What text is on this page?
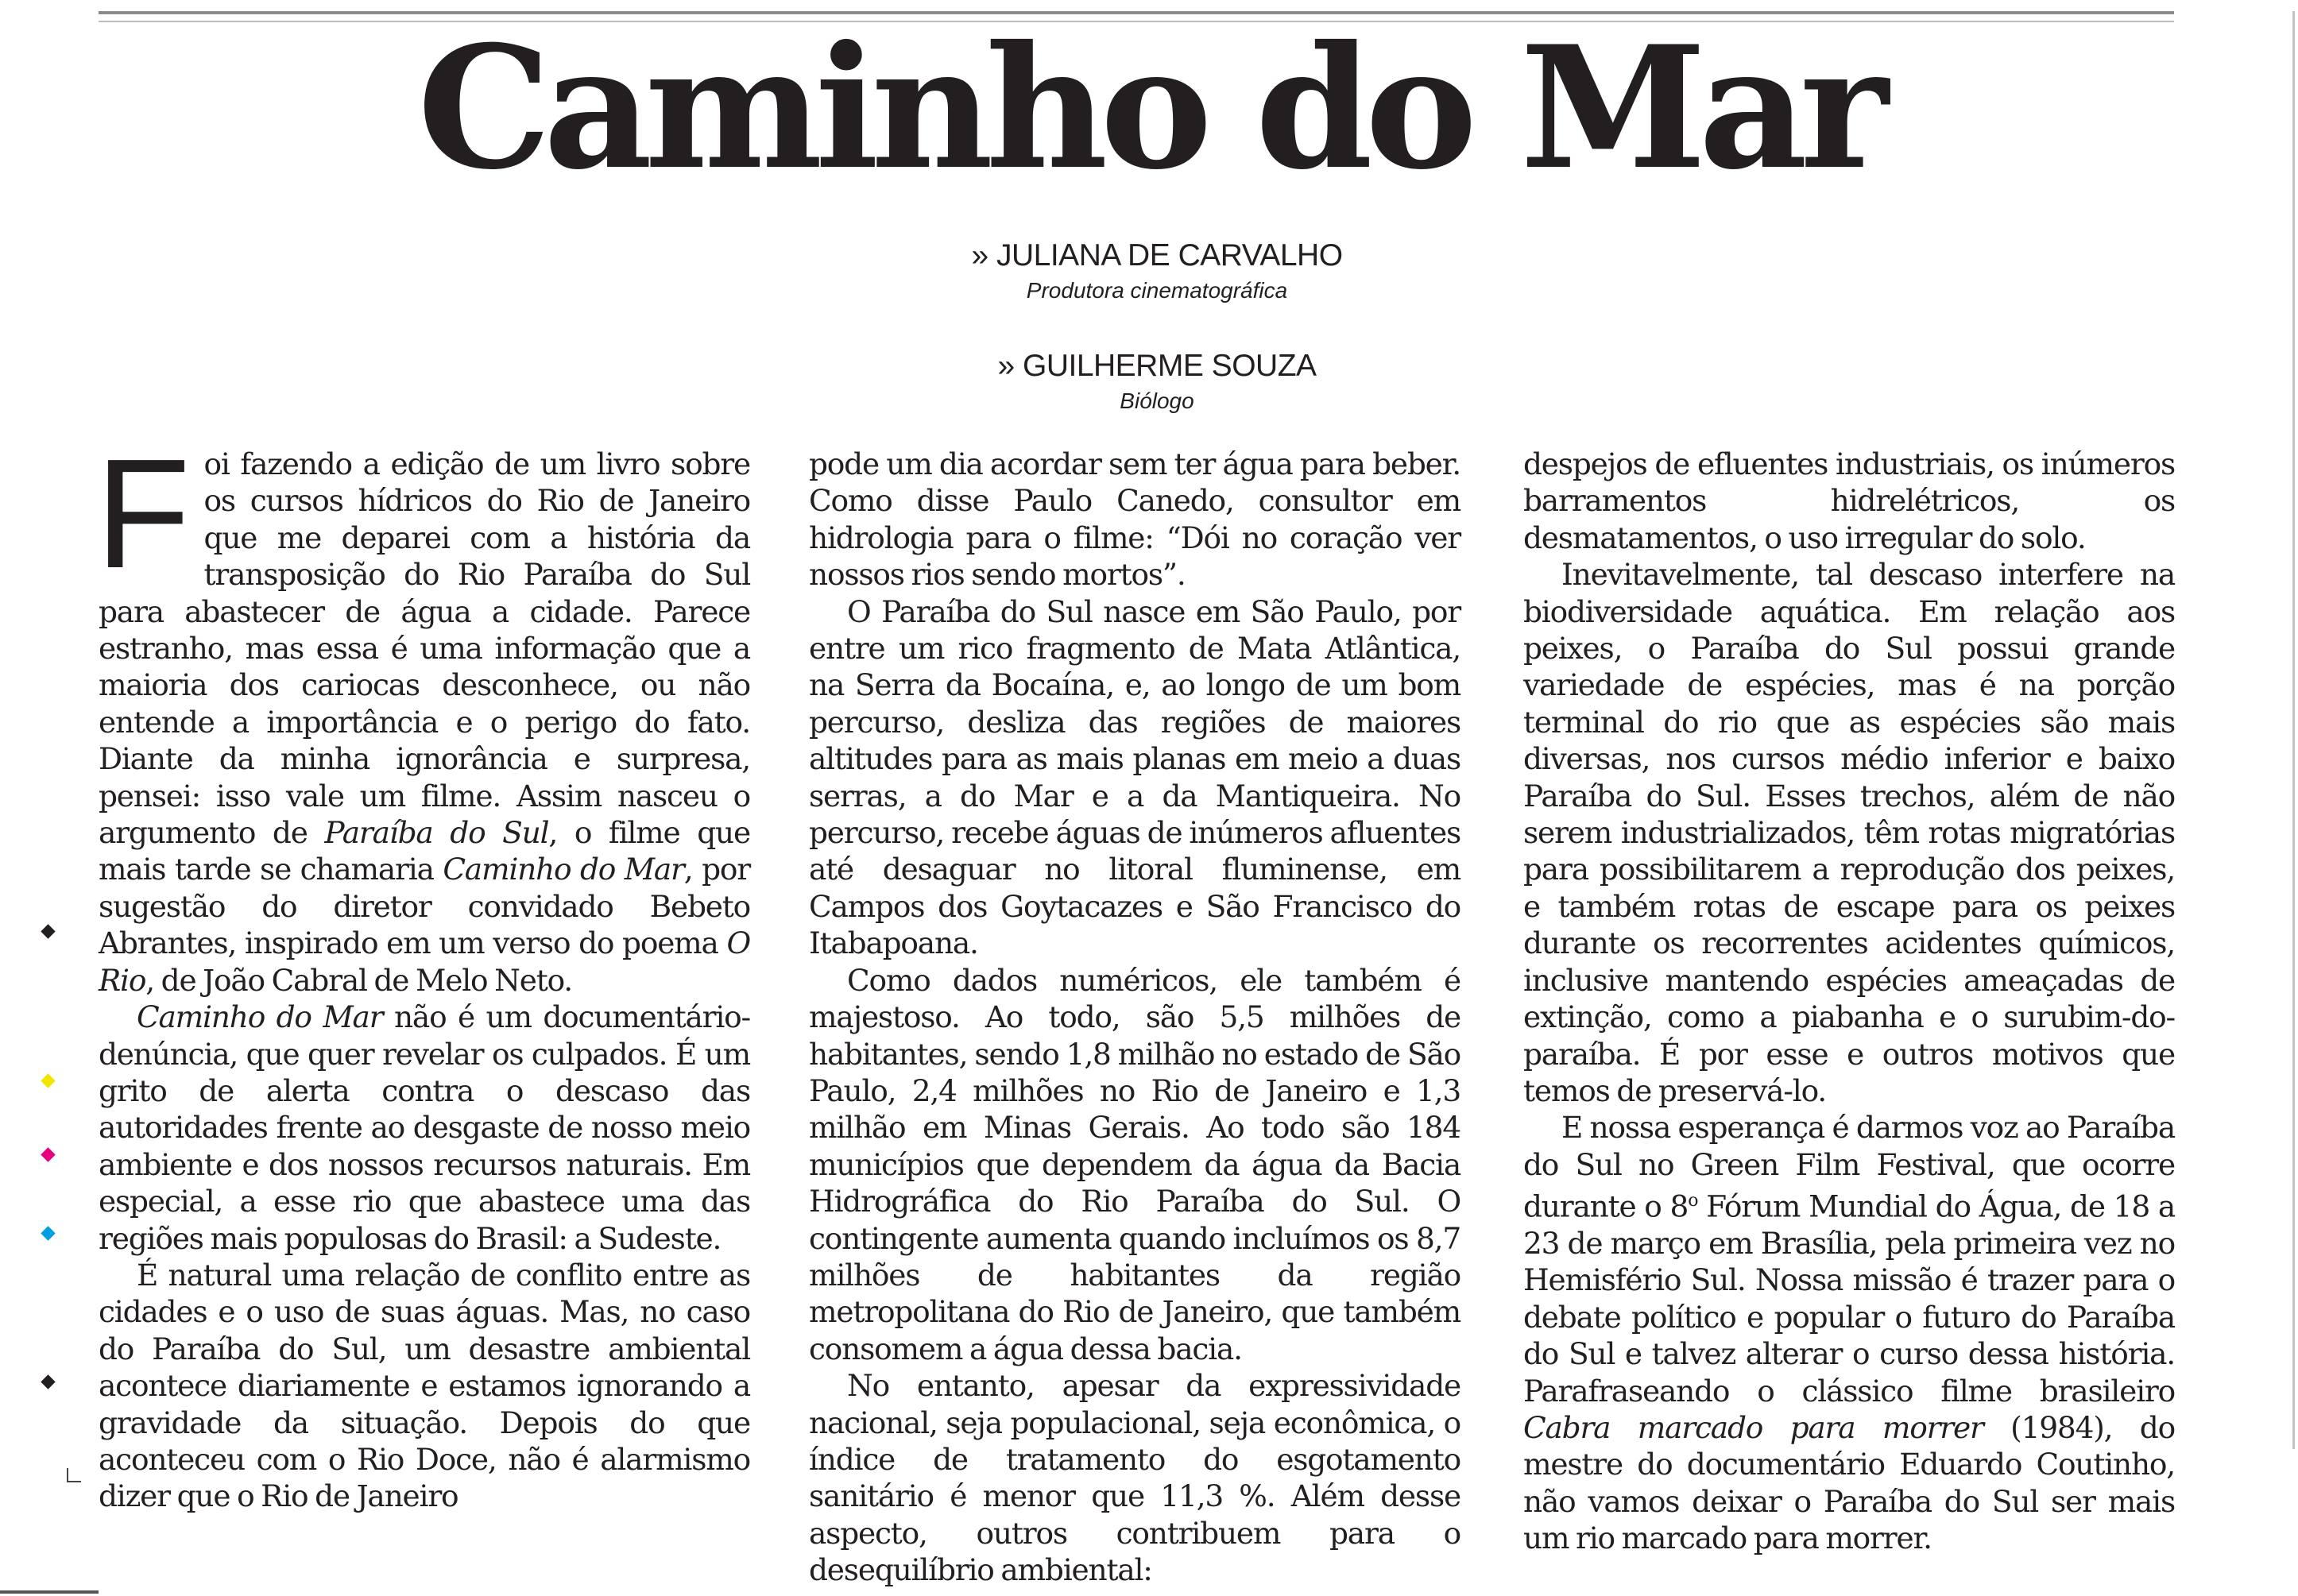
Caminho do Mar
» JULIANA DE CARVALHO
Produtora cinematográfica
» GUILHERME SOUZA
Biólogo

Foi fazendo a edição de um livro sobre os cursos hídricos do Rio de Janeiro que me deparei com a história da transposição do Rio Paraíba do Sul para abastecer de água a cidade. Parece estranho, mas essa é uma informação que a maioria dos cariocas desconhece, ou não entende a importância e o perigo do fato. Diante da minha ignorância e surpresa, pensei: isso vale um filme. Assim nasceu o argumento de Paraíba do Sul, o filme que mais tarde se chamaria Caminho do Mar, por sugestão do diretor convidado Bebeto Abrantes, inspirado em um verso do poema O Rio, de João Cabral de Melo Neto.

Caminho do Mar não é um documentário-denúncia, que quer revelar os culpados. É um grito de alerta contra o descaso das autoridades frente ao desgaste de nosso meio ambiente e dos nossos recursos naturais. Em especial, a esse rio que abastece uma das regiões mais populosas do Brasil: a Sudeste.

É natural uma relação de conflito entre as cidades e o uso de suas águas. Mas, no caso do Paraíba do Sul, um desastre ambiental acontece diariamente e estamos ignorando a gravidade da situação. Depois do que aconteceu com o Rio Doce, não é alarmismo dizer que o Rio de Janeiro

pode um dia acordar sem ter água para beber. Como disse Paulo Canedo, consultor em hidrologia para o filme: “Dói no coração ver nossos rios sendo mortos”.

O Paraíba do Sul nasce em São Paulo, por entre um rico fragmento de Mata Atlântica, na Serra da Bocaína, e, ao longo de um bom percurso, desliza das regiões de maiores altitudes para as mais planas em meio a duas serras, a do Mar e a da Mantiqueira. No percurso, recebe águas de inúmeros afluentes até desaguar no litoral fluminense, em Campos dos Goytacazes e São Francisco do Itabapoana.

Como dados numéricos, ele também é majestoso. Ao todo, são 5,5 milhões de habitantes, sendo 1,8 milhão no estado de São Paulo, 2,4 milhões no Rio de Janeiro e 1,3 milhão em Minas Gerais. Ao todo são 184 municípios que dependem da água da Bacia Hidrográfica do Rio Paraíba do Sul. O contingente aumenta quando incluímos os 8,7 milhões de habitantes da região metropolitana do Rio de Janeiro, que também consomem a água dessa bacia.

No entanto, apesar da expressividade nacional, seja populacional, seja econômica, o índice de tratamento do esgotamento sanitário é menor que 11,3 %. Além desse aspecto, outros contribuem para o desequilíbrio ambiental:

despejos de efluentes industriais, os inúmeros barramentos hidrelétricos, os desmatamentos, o uso irregular do solo.

Inevitavelmente, tal descaso interfere na biodiversidade aquática. Em relação aos peixes, o Paraíba do Sul possui grande variedade de espécies, mas é na porção terminal do rio que as espécies são mais diversas, nos cursos médio inferior e baixo Paraíba do Sul. Esses trechos, além de não serem industrializados, têm rotas migratórias para possibilitarem a reprodução dos peixes, e também rotas de escape para os peixes durante os recorrentes acidentes químicos, inclusive mantendo espécies ameaçadas de extinção, como a piabanha e o surubim-do-paraíba. É por esse e outros motivos que temos de preservá-lo.

E nossa esperança é darmos voz ao Paraíba do Sul no Green Film Festival, que ocorre durante o 8$^o$ Fórum Mundial do Água, de 18 a 23 de março em Brasília, pela primeira vez no Hemisfério Sul. Nossa missão é trazer para o debate político e popular o futuro do Paraíba do Sul e talvez alterar o curso dessa história. Parafraseando o clássico filme brasileiro Cabra marcado para morrer (1984), do mestre do documentário Eduardo Coutinho, não vamos deixar o Paraíba do Sul ser mais um rio marcado para morrer.
